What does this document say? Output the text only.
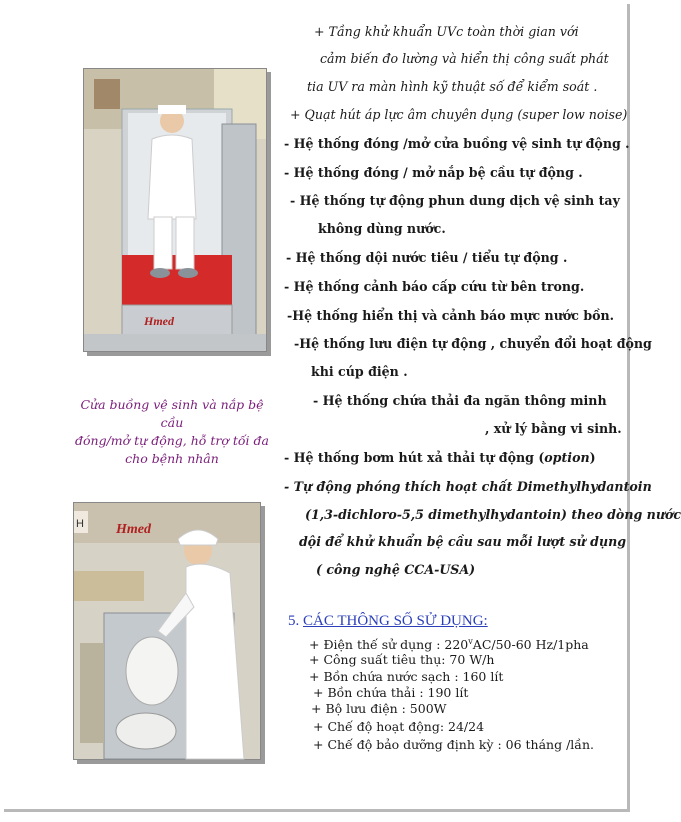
Hmed
Cửa buồng vệ sinh và nắp bệ cầu
đóng/mở tự động, hỗ trợ tối đa
cho bệnh nhân
H Hmed
+ Tầng khử khuẩn UVc toàn thời gian với
cảm biến đo lường và hiển thị công suất phát
tia UV ra màn hình kỹ thuật số để kiểm soát .
+ Quạt hút áp lực âm chuyên dụng (super low noise)
- Hệ thống đóng /mở cửa buồng vệ sinh tự động .
- Hệ thống đóng / mở nắp bệ cầu tự động .
- Hệ thống tự động phun dung dịch vệ sinh tay
không dùng nước.
- Hệ thống dội nước tiêu / tiểu tự động .
- Hệ thống cảnh báo cấp cứu từ bên trong.
-Hệ thống hiển thị và cảnh báo mực nước bồn.
-Hệ thống lưu điện tự động , chuyển đổi hoạt động
khi cúp điện .
- Hệ thống chứa thải đa ngăn thông minh
, xử lý bằng vi sinh.
- Hệ thống bơm hút xả thải tự động (option)
- Tự động phóng thích hoạt chất Dimethylhydantoin
(1,3-dichloro-5,5 dimethylhydantoin) theo dòng nước
dội để khử khuẩn bệ cầu sau mỗi lượt sử dụng
( công nghệ CCA-USA)
5. CÁC THÔNG SỐ SỬ DỤNG:
+ Điện thế sử dụng : 220$^v$AC/50-60 Hz/1pha
+ Công suất tiêu thụ: 70 W/h
+ Bồn chứa nước sạch : 160 lít
+ Bồn chứa thải : 190 lít
+ Bộ lưu điện : 500W
+ Chế độ hoạt động: 24/24
+ Chế độ bảo dưỡng định kỳ : 06 tháng /lần.
